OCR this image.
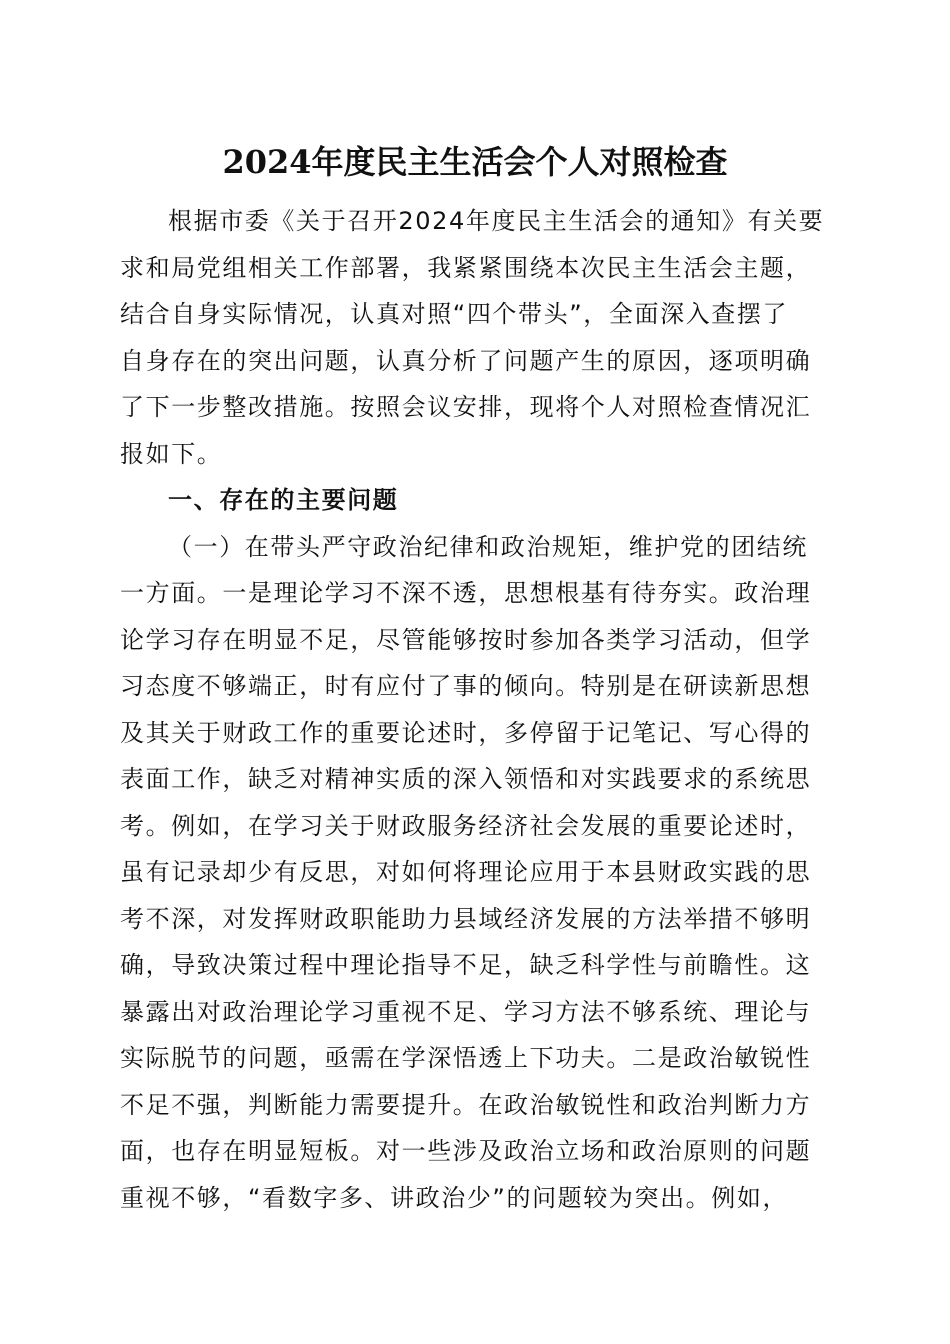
2024年度民主生活会个人对照检查
根据市委《关于召开2024年度民主生活会的通知》有关要
求和局党组相关工作部署，我紧紧围绕本次民主生活会主题，
结合自身实际情况，认真对照“四个带头”，全面深入查摆了
自身存在的突出问题，认真分析了问题产生的原因，逐项明确
了下一步整改措施。按照会议安排，现将个人对照检查情况汇
报如下。
一、存在的主要问题
（一）在带头严守政治纪律和政治规矩，维护党的团结统
一方面。一是理论学习不深不透，思想根基有待夯实。政治理
论学习存在明显不足，尽管能够按时参加各类学习活动，但学
习态度不够端正，时有应付了事的倾向。特别是在研读新思想
及其关于财政工作的重要论述时，多停留于记笔记、写心得的
表面工作，缺乏对精神实质的深入领悟和对实践要求的系统思
考。例如，在学习关于财政服务经济社会发展的重要论述时，
虽有记录却少有反思，对如何将理论应用于本县财政实践的思
考不深，对发挥财政职能助力县域经济发展的方法举措不够明
确，导致决策过程中理论指导不足，缺乏科学性与前瞻性。这
暴露出对政治理论学习重视不足、学习方法不够系统、理论与
实际脱节的问题，亟需在学深悟透上下功夫。二是政治敏锐性
不足不强，判断能力需要提升。在政治敏锐性和政治判断力方
面，也存在明显短板。对一些涉及政治立场和政治原则的问题
重视不够，“看数字多、讲政治少”的问题较为突出。例如，
